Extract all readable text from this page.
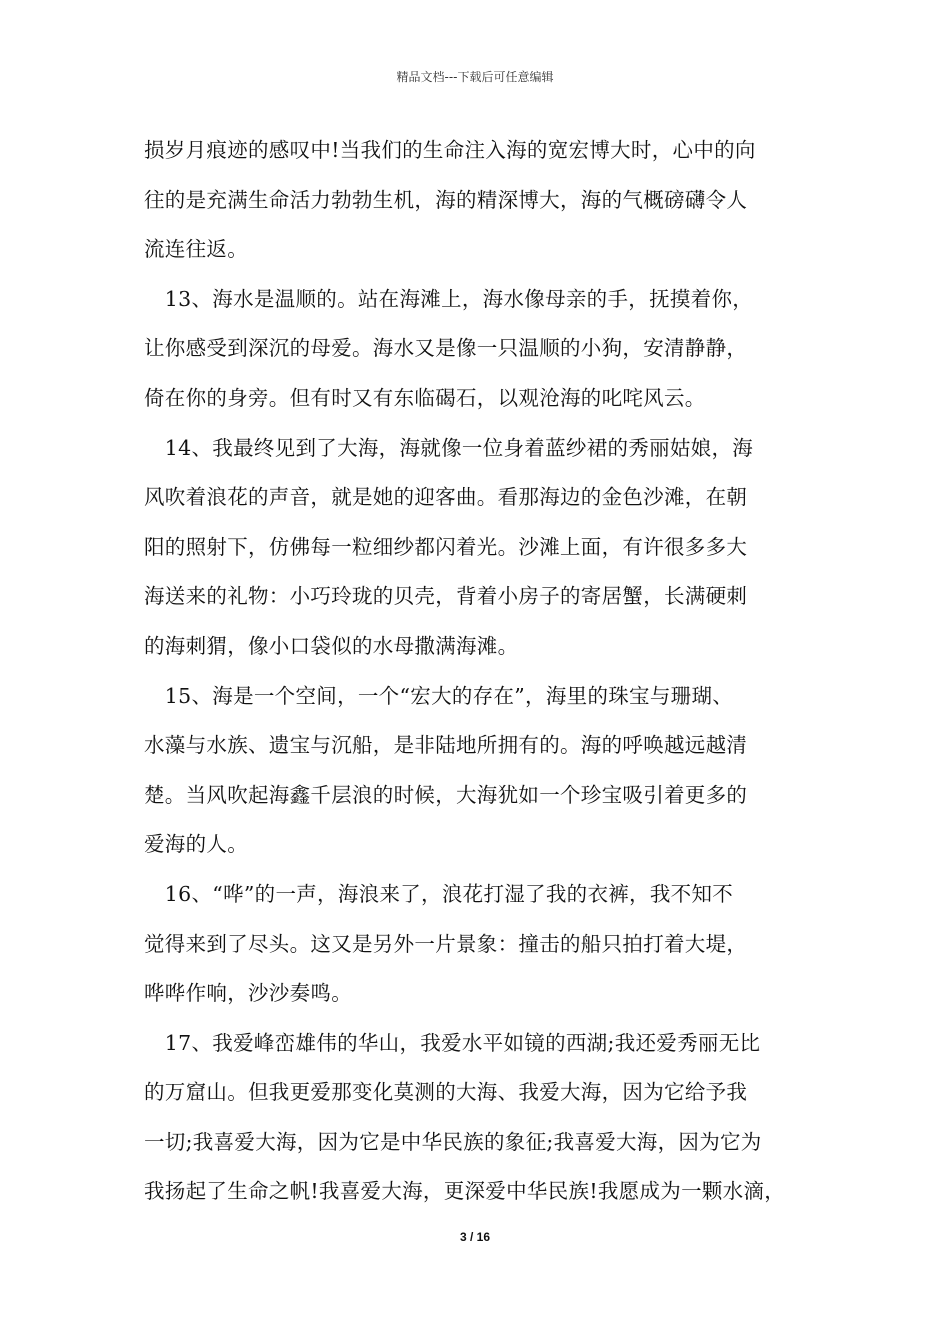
精品文档---下载后可任意编辑
损岁月痕迹的感叹中!当我们的生命注入海的宽宏博大时，心中的向
往的是充满生命活力勃勃生机，海的精深博大，海的气概磅礴令人
流连往返。
　13、海水是温顺的。站在海滩上，海水像母亲的手，抚摸着你，
让你感受到深沉的母爱。海水又是像一只温顺的小狗，安清静静，
倚在你的身旁。但有时又有东临碣石，以观沧海的叱咤风云。
　14、我最终见到了大海，海就像一位身着蓝纱裙的秀丽姑娘，海
风吹着浪花的声音，就是她的迎客曲。看那海边的金色沙滩，在朝
阳的照射下，仿佛每一粒细纱都闪着光。沙滩上面，有许很多多大
海送来的礼物：小巧玲珑的贝壳，背着小房子的寄居蟹，长满硬刺
的海刺猬，像小口袋似的水母撒满海滩。
　15、海是一个空间，一个“宏大的存在”，海里的珠宝与珊瑚、
水藻与水族、遗宝与沉船，是非陆地所拥有的。海的呼唤越远越清
楚。当风吹起海鑫千层浪的时候，大海犹如一个珍宝吸引着更多的
爱海的人。
　16、“哗”的一声，海浪来了，浪花打湿了我的衣裤，我不知不
觉得来到了尽头。这又是另外一片景象：撞击的船只拍打着大堤，
哗哗作响，沙沙奏鸣。
　17、我爱峰峦雄伟的华山，我爱水平如镜的西湖;我还爱秀丽无比
的万窟山。但我更爱那变化莫测的大海、我爱大海，因为它给予我
一切;我喜爱大海，因为它是中华民族的象征;我喜爱大海，因为它为
我扬起了生命之帆!我喜爱大海，更深爱中华民族!我愿成为一颗水滴，
3 / 16
